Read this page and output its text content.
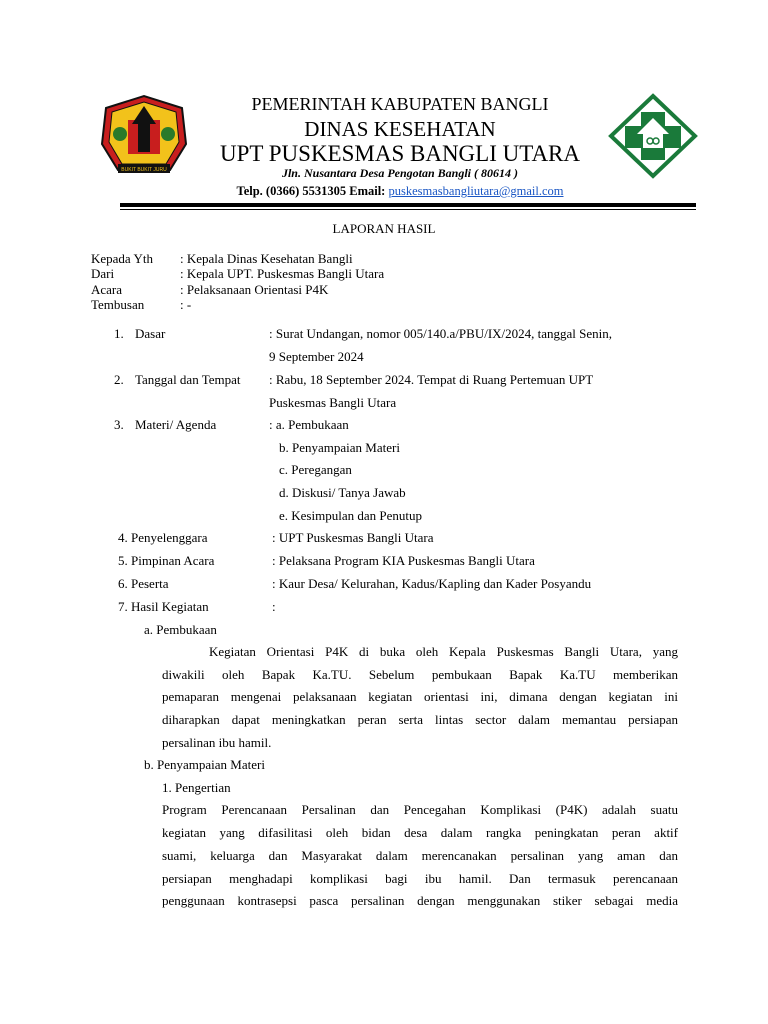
BUKIT BUKIT JURU
PEMERINTAH KABUPATEN BANGLI
DINAS KESEHATAN
UPT PUSKESMAS BANGLI UTARA
Jln. Nusantara Desa Pengotan Bangli ( 80614 )
Telp. (0366) 5531305 Email: puskesmasbangliutara@gmail.com
LAPORAN HASIL
Kepada Yth : Kepala Dinas Kesehatan Bangli
Dari	: Kepala UPT. Puskesmas Bangli Utara
Acara	: Pelaksanaan Orientasi P4K
Tembusan	: -
1. Dasar	: Surat Undangan, nomor 005/140.a/PBU/IX/2024, tanggal Senin,
9 September 2024
2. Tanggal dan Tempat : Rabu, 18 September 2024. Tempat di Ruang Pertemuan UPT
Puskesmas Bangli Utara
3. Materi/ Agenda	: a. Pembukaan
b. Penyampaian Materi
c. Peregangan
d. Diskusi/ Tanya Jawab
e. Kesimpulan dan Penutup
4. Penyelenggara	: UPT Puskesmas Bangli Utara
5. Pimpinan Acara	: Pelaksana Program KIA Puskesmas Bangli Utara
6. Peserta	: Kaur Desa/ Kelurahan, Kadus/Kapling dan Kader Posyandu
7. Hasil Kegiatan	:
a. Pembukaan
Kegiatan Orientasi P4K di buka oleh Kepala Puskesmas Bangli Utara, yang
diwakili oleh Bapak Ka.TU. Sebelum pembukaan Bapak Ka.TU memberikan
pemaparan mengenai pelaksanaan kegiatan orientasi ini, dimana dengan kegiatan ini
diharapkan dapat meningkatkan peran serta lintas sector dalam memantau persiapan
persalinan ibu hamil.
b. Penyampaian Materi
1. Pengertian
Program Perencanaan Persalinan dan Pencegahan Komplikasi (P4K) adalah suatu
kegiatan yang difasilitasi oleh bidan desa dalam rangka peningkatan peran aktif
suami, keluarga dan Masyarakat dalam merencanakan persalinan yang aman dan
persiapan menghadapi komplikasi bagi ibu hamil. Dan termasuk perencanaan
penggunaan kontrasepsi pasca persalinan dengan menggunakan stiker sebagai media
